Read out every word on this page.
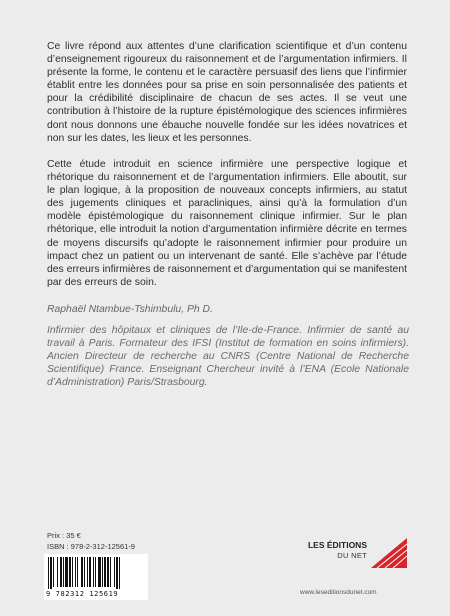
Ce livre répond aux attentes d’une clarification scientifique et d’un contenu d’enseignement rigoureux du raisonnement et de l’argumentation infirmiers. Il présente la forme, le contenu et le caractère persuasif des liens que l’infirmier établit entre les données pour sa prise en soin personnalisée des patients et pour la crédibilité disciplinaire de chacun de ses actes. Il se veut une contribution à l’histoire de la rupture épistémologique des sciences infirmières dont nous donnons une ébauche nouvelle fondée sur les idées novatrices et non sur les dates, les lieux et les personnes.

Cette étude introduit en science infirmière une perspective logique et rhétorique du raisonnement et de l’argumentation infirmiers. Elle aboutit, sur le plan logique, à la proposition de nouveaux concepts infirmiers, au statut des jugements cliniques et paracliniques, ainsi qu’à la formulation d’un modèle épistémologique du raisonnement clinique infirmier. Sur le plan rhétorique, elle introduit la notion d’argumentation infirmière décrite en termes de moyens discursifs qu’adopte le raisonnement infirmier pour produire un impact chez un patient ou un intervenant de santé. Elle s’achève par l’étude des erreurs infirmières de raisonnement et d’argumentation qui se manifestent par des erreurs de soin.

Raphaël Ntambue-Tshimbulu, Ph D.

Infirmier des hôpitaux et cliniques de l’Ile-de-France. Infirmier de santé au travail à Paris. Formateur des IFSI (Institut de formation en soins infirmiers). Ancien Directeur de recherche au CNRS (Centre National de Recherche Scientifique) France. Enseignant Chercheur invité à l’ENA (Ecole Nationale d’Administration) Paris/Strasbourg.

Prix : 35 €

ISBN : 978-2-312-12561-9

9 782312 125619

LES ÉDITIONS

DU NET

www.leseditionsdunet.com
